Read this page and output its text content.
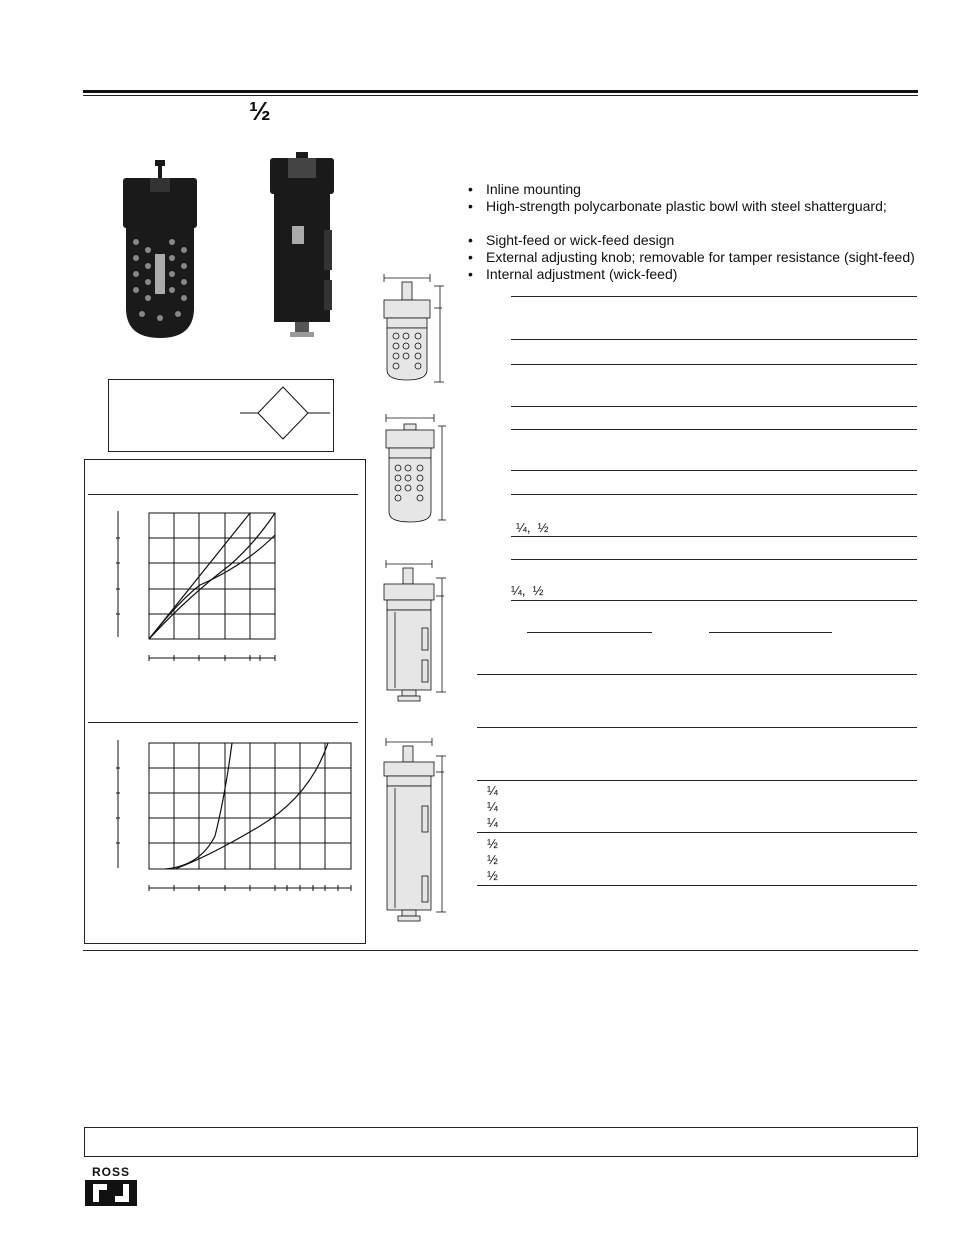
½
• Inline mounting
• High-strength polycarbonate plastic bowl with steel shatterguard;
• Sight-feed or wick-feed design
• External adjusting knob; removable for tamper resistance (sight-feed)
• Internal adjustment (wick-feed)
¼,  ½
¼,  ½
¼
¼
¼
½
½
½
ROSS
